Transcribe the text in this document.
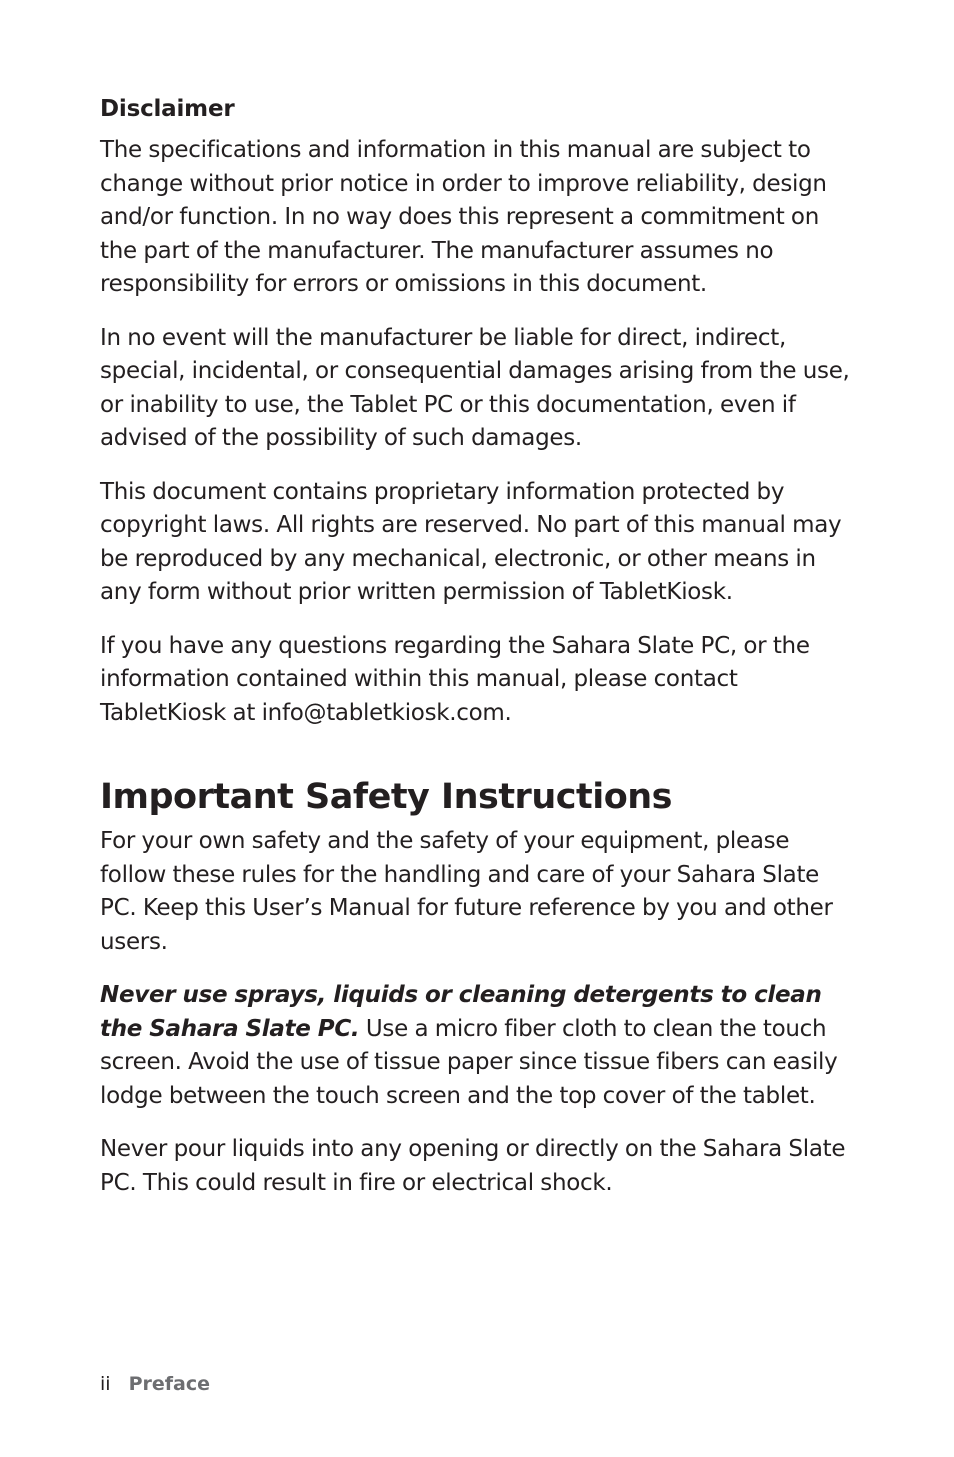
Disclaimer

The specifications and information in this manual are subject to change without prior notice in order to improve reliability, design and/or function. In no way does this represent a commitment on the part of the manufacturer. The manufacturer assumes no responsibility for errors or omissions in this document.

In no event will the manufacturer be liable for direct, indirect, special, incidental, or consequential damages arising from the use, or inability to use, the Tablet PC or this documentation, even if advised of the possibility of such damages.

This document contains proprietary information protected by copyright laws. All rights are reserved. No part of this manual may be reproduced by any mechanical, electronic, or other means in any form without prior written permission of TabletKiosk.

If you have any questions regarding the Sahara Slate PC, or the information contained within this manual, please contact TabletKiosk at info@tabletkiosk.com.

Important Safety Instructions

For your own safety and the safety of your equipment, please follow these rules for the handling and care of your Sahara Slate PC. Keep this User’s Manual for future reference by you and other users.

Never use sprays, liquids or cleaning detergents to clean the Sahara Slate PC. Use a micro fiber cloth to clean the touch screen. Avoid the use of tissue paper since tissue fibers can easily lodge between the touch screen and the top cover of the tablet.

Never pour liquids into any opening or directly on the Sahara Slate PC. This could result in fire or electrical shock.

ii Preface
